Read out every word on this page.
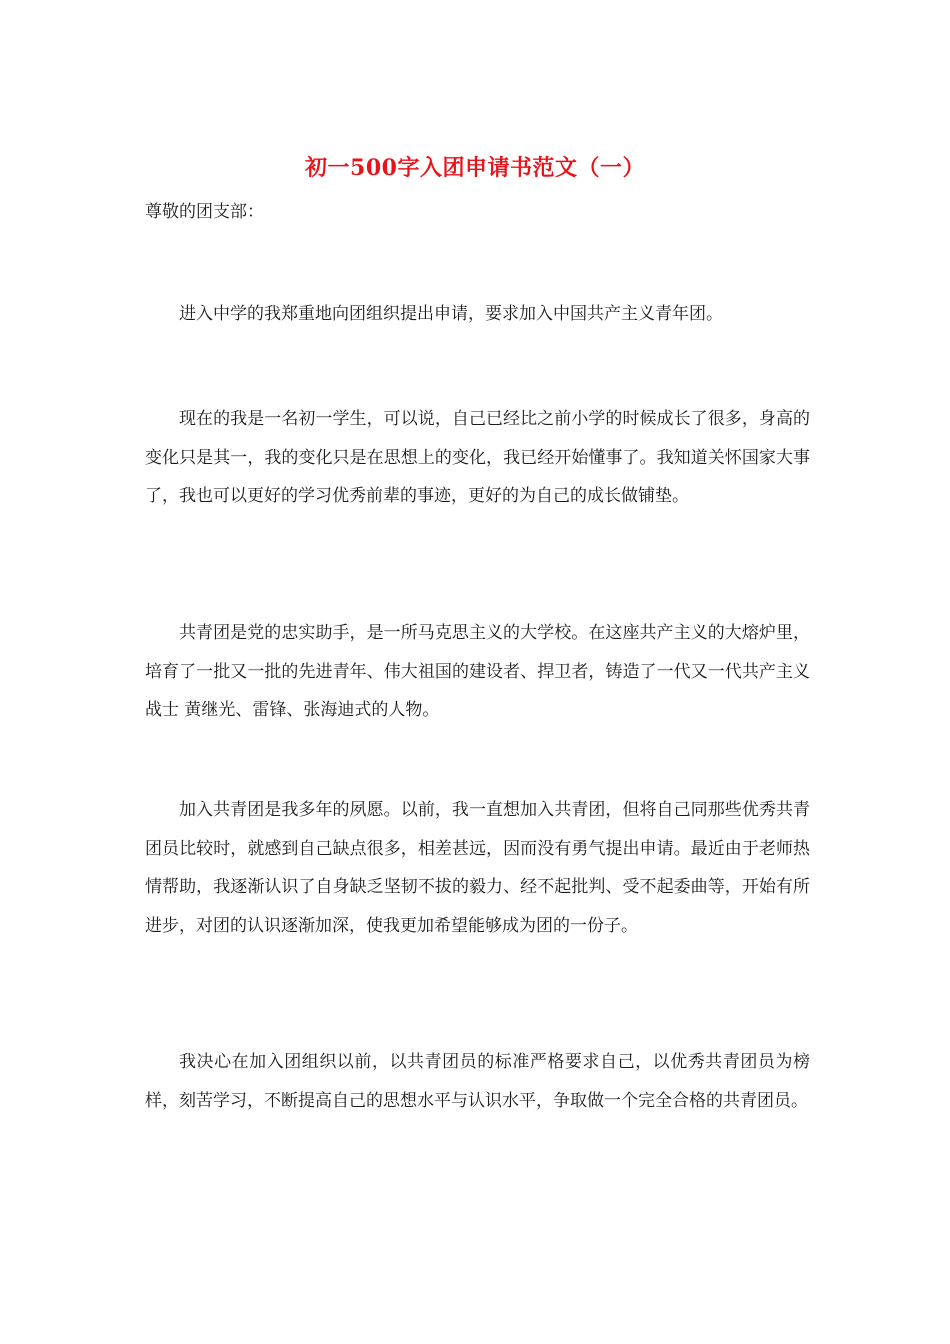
初一500字入团申请书范文（一）
尊敬的团支部：

进入中学的我郑重地向团组织提出申请，要求加入中国共产主义青年团。

现在的我是一名初一学生，可以说，自己已经比之前小学的时候成长了很多，身高的变化只是其一，我的变化只是在思想上的变化，我已经开始懂事了。我知道关怀国家大事了，我也可以更好的学习优秀前辈的事迹，更好的为自己的成长做铺垫。

共青团是党的忠实助手，是一所马克思主义的大学校。在这座共产主义的大熔炉里，培育了一批又一批的先进青年、伟大祖国的建设者、捍卫者，铸造了一代又一代共产主义战士 黄继光、雷锋、张海迪式的人物。

加入共青团是我多年的夙愿。以前，我一直想加入共青团，但将自己同那些优秀共青团员比较时，就感到自己缺点很多，相差甚远，因而没有勇气提出申请。最近由于老师热情帮助，我逐渐认识了自身缺乏坚韧不拔的毅力、经不起批判、受不起委曲等，开始有所进步，对团的认识逐渐加深，使我更加希望能够成为团的一份子。

我决心在加入团组织以前，以共青团员的标准严格要求自己，以优秀共青团员为榜样，刻苦学习，不断提高自己的思想水平与认识水平，争取做一个完全合格的共青团员。
